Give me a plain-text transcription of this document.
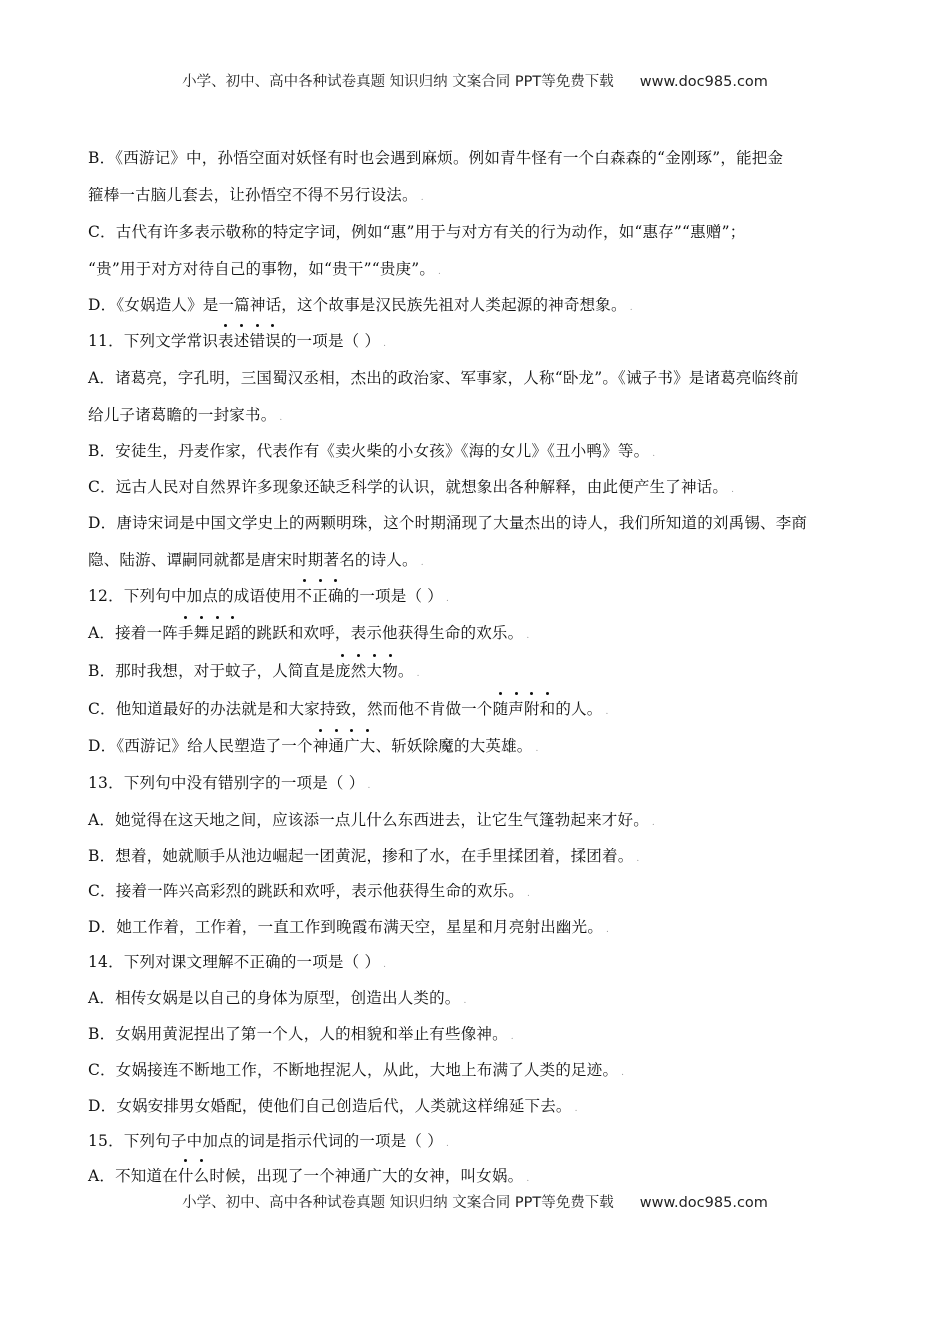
小学、初中、高中各种试卷真题 知识归纳 文案合同 PPT等免费下载 www.doc985.com
B．《西游记》中，孙悟空面对妖怪有时也会遇到麻烦。例如青牛怪有一个白森森的“金刚琢”，能把金
箍棒一古脑儿套去，让孙悟空不得不另行设法。 .
C．古代有许多表示敬称的特定字词，例如“惠”用于与对方有关的行为动作，如“惠存”“惠赠”；
“贵”用于对方对待自己的事物，如“贵干”“贵庚”。 .
D．《女娲造人》是一篇神话，这个故事是汉民族先祖对人类起源的神奇想象。 .
11．下列文学常识表述错误的一项是（ ） .
A．诸葛亮，字孔明，三国蜀汉丞相，杰出的政治家、军事家，人称“卧龙”。《诫子书》是诸葛亮临终前
给儿子诸葛瞻的一封家书。 .
B．安徒生，丹麦作家，代表作有《卖火柴的小女孩》《海的女儿》《丑小鸭》等。 .
C．远古人民对自然界许多现象还缺乏科学的认识，就想象出各种解释，由此便产生了神话。 .
D．唐诗宋词是中国文学史上的两颗明珠，这个时期涌现了大量杰出的诗人，我们所知道的刘禹锡、李商
隐、陆游、谭嗣同就都是唐宋时期著名的诗人。 .
12．下列句中加点的成语使用不正确的一项是（ ） .
A．接着一阵手舞足蹈的跳跃和欢呼，表示他获得生命的欢乐。 .
B．那时我想，对于蚊子，人简直是庞然大物。 .
C．他知道最好的办法就是和大家持致，然而他不肯做一个随声附和的人。 .
D．《西游记》给人民塑造了一个神通广大、斩妖除魔的大英雄。 .
13．下列句中没有错别字的一项是（ ） .
A．她觉得在这天地之间，应该添一点儿什么东西进去，让它生气篷勃起来才好。 .
B．想着，她就顺手从池边崛起一团黄泥，掺和了水，在手里揉团着，揉团着。 .
C．接着一阵兴高彩烈的跳跃和欢呼，表示他获得生命的欢乐。 .
D．她工作着，工作着，一直工作到晚霞布满天空，星星和月亮射出幽光。 .
14．下列对课文理解不正确的一项是（ ） .
A．相传女娲是以自己的身体为原型，创造出人类的。 .
B．女娲用黄泥捏出了第一个人，人的相貌和举止有些像神。 .
C．女娲接连不断地工作，不断地捏泥人，从此，大地上布满了人类的足迹。 .
D．女娲安排男女婚配，使他们自己创造后代，人类就这样绵延下去。 .
15．下列句子中加点的词是指示代词的一项是（ ） .
A．不知道在什么时候，出现了一个神通广大的女神，叫女娲。 .
小学、初中、高中各种试卷真题 知识归纳 文案合同 PPT等免费下载 www.doc985.com
